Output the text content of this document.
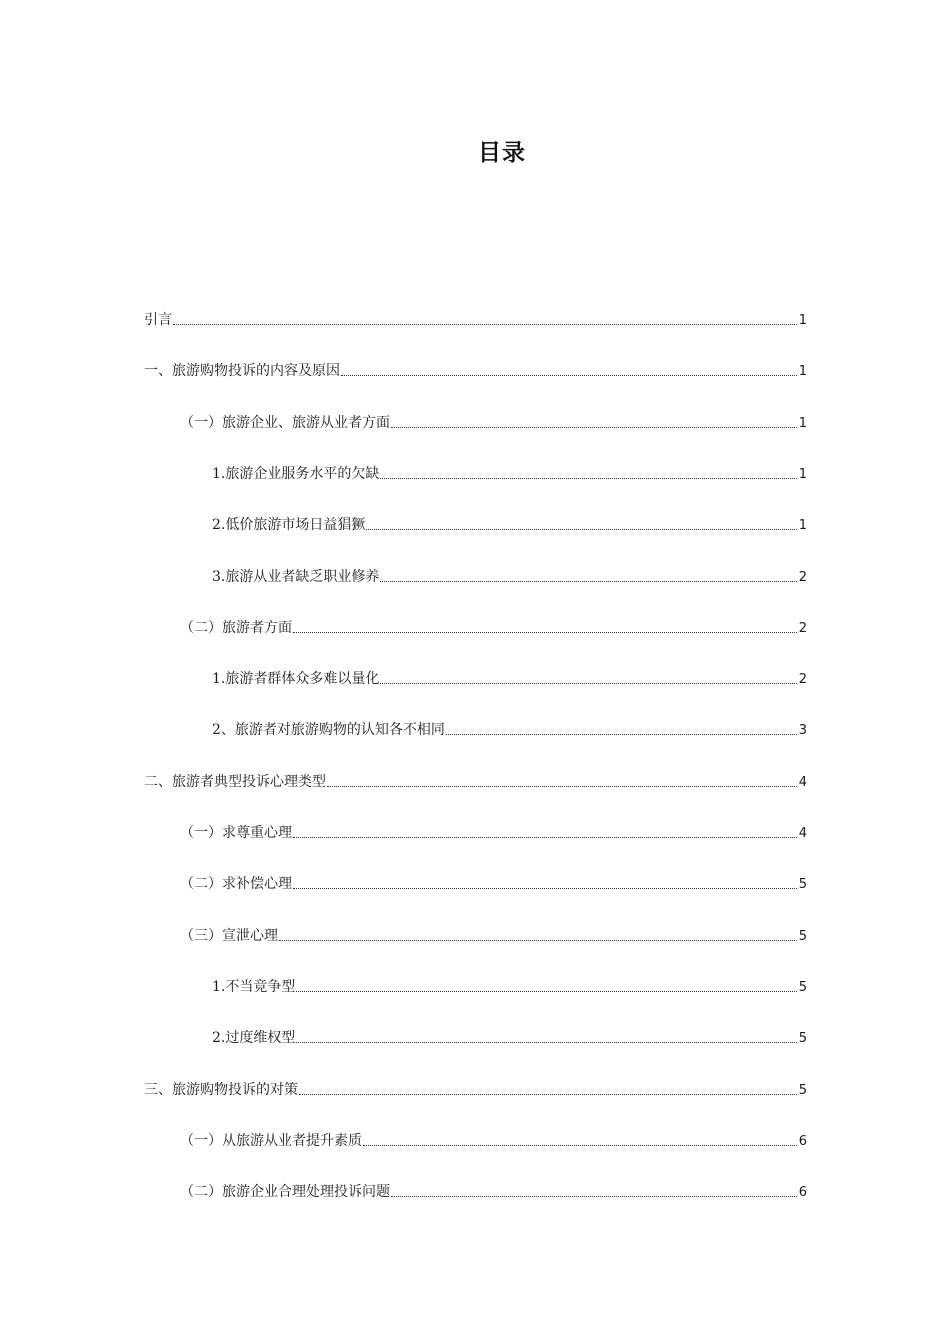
目录
引言	1
一、旅游购物投诉的内容及原因	1
（一）旅游企业、旅游从业者方面	1
1.旅游企业服务水平的欠缺	1
2.低价旅游市场日益猖獗	1
3.旅游从业者缺乏职业修养	2
（二）旅游者方面	2
1.旅游者群体众多难以量化	2
2、旅游者对旅游购物的认知各不相同	3
二、旅游者典型投诉心理类型	4
（一）求尊重心理	4
（二）求补偿心理	5
（三）宣泄心理	5
1.不当竞争型	5
2.过度维权型	5
三、旅游购物投诉的对策	5
（一）从旅游从业者提升素质	6
（二）旅游企业合理处理投诉问题	6
